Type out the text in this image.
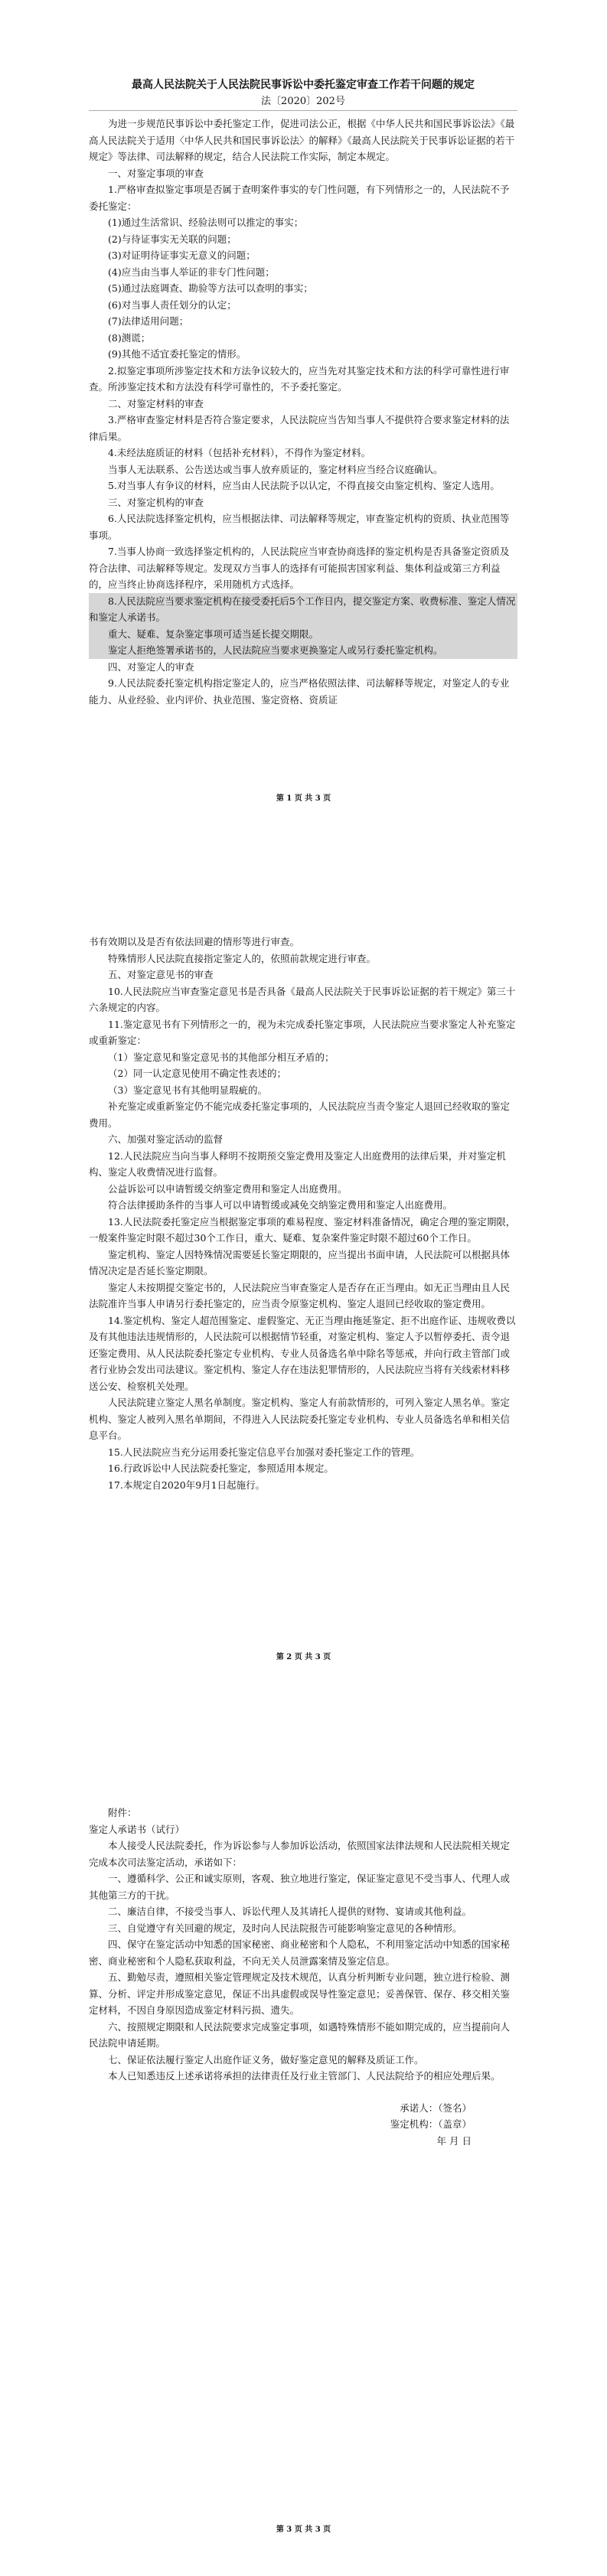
最高人民法院关于人民法院民事诉讼中委托鉴定审查工作若干问题的规定

法〔2020〕202号

为进一步规范民事诉讼中委托鉴定工作，促进司法公正，根据《中华人民共和国民事诉讼法》《最高人民法院关于适用〈中华人民共和国民事诉讼法〉的解释》《最高人民法院关于民事诉讼证据的若干规定》等法律、司法解释的规定，结合人民法院工作实际，制定本规定。

一、对鉴定事项的审查

1.严格审查拟鉴定事项是否属于查明案件事实的专门性问题，有下列情形之一的，人民法院不予委托鉴定：

(1)通过生活常识、经验法则可以推定的事实；

(2)与待证事实无关联的问题；

(3)对证明待证事实无意义的问题；

(4)应当由当事人举证的非专门性问题；

(5)通过法庭调查、勘验等方法可以查明的事实；

(6)对当事人责任划分的认定；

(7)法律适用问题；

(8)测谎；

(9)其他不适宜委托鉴定的情形。

2.拟鉴定事项所涉鉴定技术和方法争议较大的，应当先对其鉴定技术和方法的科学可靠性进行审查。所涉鉴定技术和方法没有科学可靠性的，不予委托鉴定。

二、对鉴定材料的审查

3.严格审查鉴定材料是否符合鉴定要求，人民法院应当告知当事人不提供符合要求鉴定材料的法律后果。

4.未经法庭质证的材料（包括补充材料），不得作为鉴定材料。

当事人无法联系、公告送达或当事人放弃质证的，鉴定材料应当经合议庭确认。

5.对当事人有争议的材料，应当由人民法院予以认定，不得直接交由鉴定机构、鉴定人选用。

三、对鉴定机构的审查

6.人民法院选择鉴定机构，应当根据法律、司法解释等规定，审查鉴定机构的资质、执业范围等事项。

7.当事人协商一致选择鉴定机构的，人民法院应当审查协商选择的鉴定机构是否具备鉴定资质及符合法律、司法解释等规定。发现双方当事人的选择有可能损害国家利益、集体利益或第三方利益的，应当终止协商选择程序，采用随机方式选择。

8.人民法院应当要求鉴定机构在接受委托后5个工作日内，提交鉴定方案、收费标准、鉴定人情况和鉴定人承诺书。

重大、疑难、复杂鉴定事项可适当延长提交期限。

鉴定人拒绝签署承诺书的，人民法院应当要求更换鉴定人或另行委托鉴定机构。

四、对鉴定人的审查

9.人民法院委托鉴定机构指定鉴定人的，应当严格依照法律、司法解释等规定，对鉴定人的专业能力、从业经验、业内评价、执业范围、鉴定资格、资质证

第 1 页 共 3 页

书有效期以及是否有依法回避的情形等进行审查。

特殊情形人民法院直接指定鉴定人的，依照前款规定进行审查。

五、对鉴定意见书的审查

10.人民法院应当审查鉴定意见书是否具备《最高人民法院关于民事诉讼证据的若干规定》第三十六条规定的内容。

11.鉴定意见书有下列情形之一的，视为未完成委托鉴定事项，人民法院应当要求鉴定人补充鉴定或重新鉴定：

（1）鉴定意见和鉴定意见书的其他部分相互矛盾的；

（2）同一认定意见使用不确定性表述的；

（3）鉴定意见书有其他明显瑕疵的。

补充鉴定或重新鉴定仍不能完成委托鉴定事项的，人民法院应当责令鉴定人退回已经收取的鉴定费用。

六、加强对鉴定活动的监督

12.人民法院应当向当事人释明不按期预交鉴定费用及鉴定人出庭费用的法律后果，并对鉴定机构、鉴定人收费情况进行监督。

公益诉讼可以申请暂缓交纳鉴定费用和鉴定人出庭费用。

符合法律援助条件的当事人可以申请暂缓或减免交纳鉴定费用和鉴定人出庭费用。

13.人民法院委托鉴定应当根据鉴定事项的难易程度、鉴定材料准备情况，确定合理的鉴定期限，一般案件鉴定时限不超过30个工作日，重大、疑难、复杂案件鉴定时限不超过60个工作日。

鉴定机构、鉴定人因特殊情况需要延长鉴定期限的，应当提出书面申请，人民法院可以根据具体情况决定是否延长鉴定期限。

鉴定人未按期提交鉴定书的，人民法院应当审查鉴定人是否存在正当理由。如无正当理由且人民法院准许当事人申请另行委托鉴定的，应当责令原鉴定机构、鉴定人退回已经收取的鉴定费用。

14.鉴定机构、鉴定人超范围鉴定、虚假鉴定、无正当理由拖延鉴定、拒不出庭作证、违规收费以及有其他违法违规情形的，人民法院可以根据情节轻重，对鉴定机构、鉴定人予以暂停委托、责令退还鉴定费用、从人民法院委托鉴定专业机构、专业人员备选名单中除名等惩戒，并向行政主管部门或者行业协会发出司法建议。鉴定机构、鉴定人存在违法犯罪情形的，人民法院应当将有关线索材料移送公安、检察机关处理。

人民法院建立鉴定人黑名单制度。鉴定机构、鉴定人有前款情形的，可列入鉴定人黑名单。鉴定机构、鉴定人被列入黑名单期间，不得进入人民法院委托鉴定专业机构、专业人员备选名单和相关信息平台。

15.人民法院应当充分运用委托鉴定信息平台加强对委托鉴定工作的管理。

16.行政诉讼中人民法院委托鉴定，参照适用本规定。

17.本规定自2020年9月1日起施行。

第 2 页 共 3 页

附件：

鉴定人承诺书（试行）

本人接受人民法院委托，作为诉讼参与人参加诉讼活动，依照国家法律法规和人民法院相关规定完成本次司法鉴定活动，承诺如下：

一、遵循科学、公正和诚实原则，客观、独立地进行鉴定，保证鉴定意见不受当事人、代理人或其他第三方的干扰。

二、廉洁自律，不接受当事人、诉讼代理人及其请托人提供的财物、宴请或其他利益。

三、自觉遵守有关回避的规定，及时向人民法院报告可能影响鉴定意见的各种情形。

四、保守在鉴定活动中知悉的国家秘密、商业秘密和个人隐私，不利用鉴定活动中知悉的国家秘密、商业秘密和个人隐私获取利益，不向无关人员泄露案情及鉴定信息。

五、勤勉尽责，遵照相关鉴定管理规定及技术规范，认真分析判断专业问题，独立进行检验、测算、分析、评定并形成鉴定意见，保证不出具虚假或误导性鉴定意见；妥善保管、保存、移交相关鉴定材料，不因自身原因造成鉴定材料污损、遗失。

六、按照规定期限和人民法院要求完成鉴定事项，如遇特殊情形不能如期完成的，应当提前向人民法院申请延期。

七、保证依法履行鉴定人出庭作证义务，做好鉴定意见的解释及质证工作。

本人已知悉违反上述承诺将承担的法律责任及行业主管部门、人民法院给予的相应处理后果。

承诺人：（签名）
鉴定机构：（盖章）
年 月 日
第 3 页 共 3 页
